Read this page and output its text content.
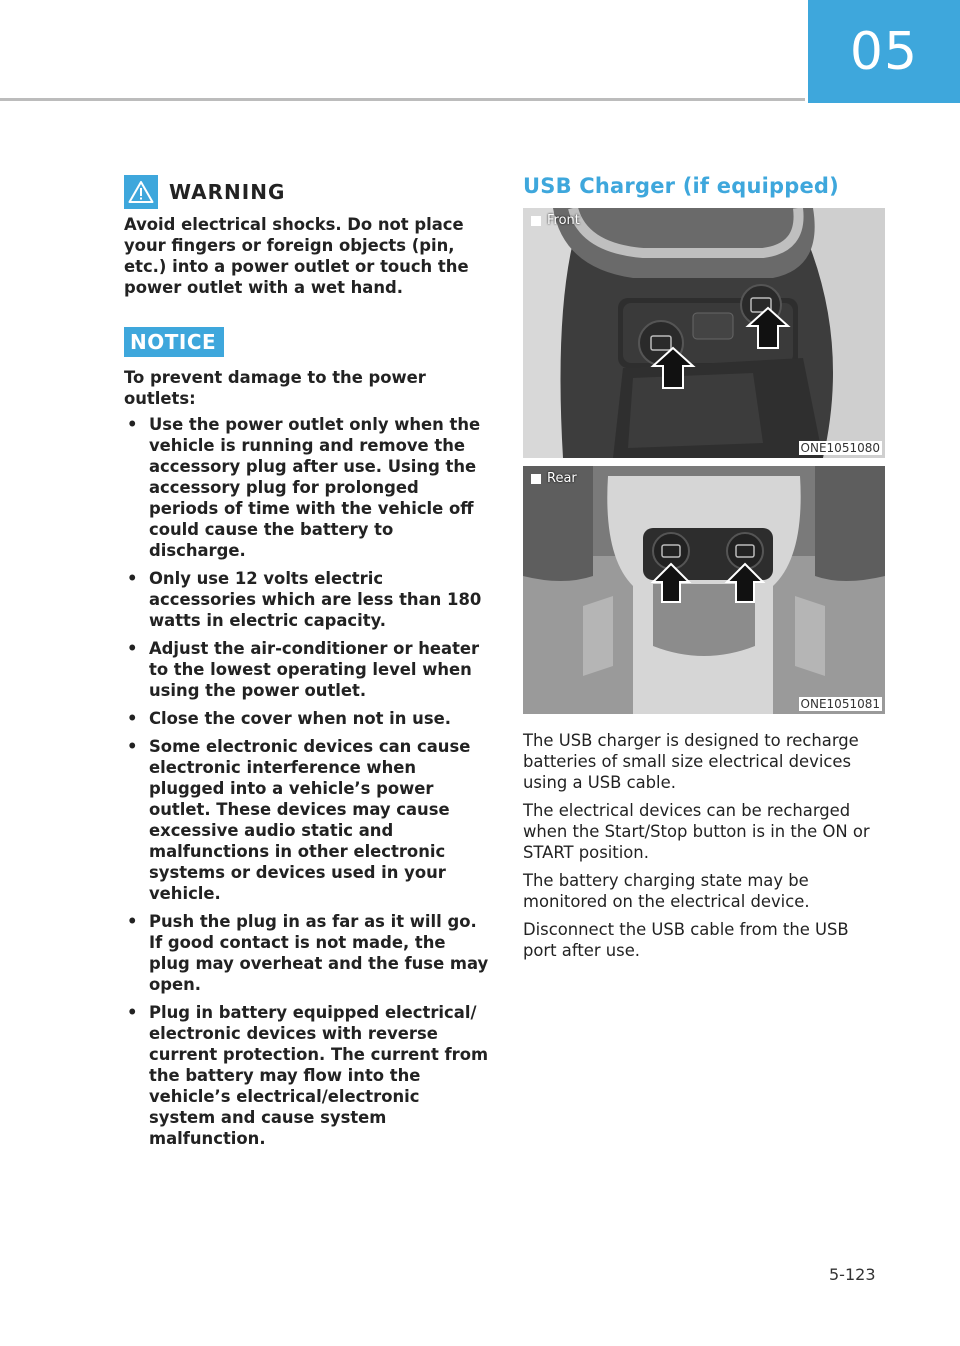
05
WARNING

Avoid electrical shocks. Do not place your fingers or foreign objects (pin, etc.) into a power outlet or touch the power outlet with a wet hand.

NOTICE

To prevent damage to the power outlets:

• Use the power outlet only when the vehicle is running and remove the accessory plug after use. Using the accessory plug for prolonged periods of time with the vehicle off could cause the battery to discharge.
• Only use 12 volts electric accessories which are less than 180 watts in electric capacity.
• Adjust the air-conditioner or heater to the lowest operating level when using the power outlet.
• Close the cover when not in use.
• Some electronic devices can cause electronic interference when plugged into a vehicle’s power outlet. These devices may cause excessive audio static and malfunctions in other electronic systems or devices used in your vehicle.
• Push the plug in as far as it will go. If good contact is not made, the plug may overheat and the fuse may open.
• Plug in battery equipped electrical/ electronic devices with reverse current protection. The current from the battery may flow into the vehicle’s electrical/electronic system and cause system malfunction.
USB Charger (if equipped)
Front
ONE1051080
Rear
ONE1051081

The USB charger is designed to recharge batteries of small size electrical devices using a USB cable.

The electrical devices can be recharged when the Start/Stop button is in the ON or START position.

The battery charging state may be monitored on the electrical device.

Disconnect the USB cable from the USB port after use.

5-123
